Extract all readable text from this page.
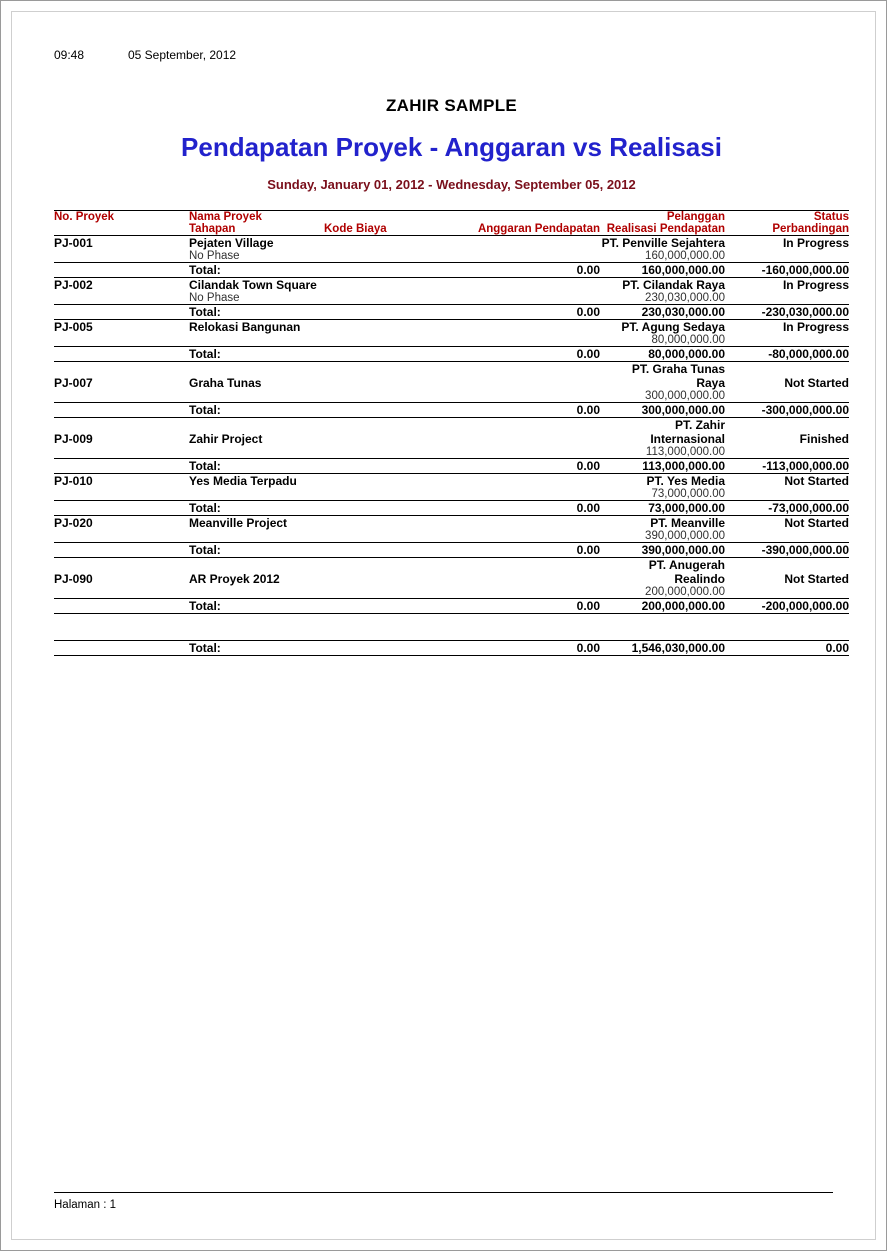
09:48	05 September, 2012
ZAHIR SAMPLE
Pendapatan Proyek - Anggaran vs Realisasi
Sunday, January 01, 2012 - Wednesday, September 05, 2012
No. Proyek	Nama Proyek			Pelanggan	Status
	Tahapan	Kode Biaya	Anggaran Pendapatan	Realisasi Pendapatan	Perbandingan
PJ-001	Pejaten Village			PT. Penville Sejahtera	In Progress
	No Phase			160,000,000.00	
	Total:		0.00	160,000,000.00	-160,000,000.00
PJ-002	Cilandak Town Square			PT. Cilandak Raya	In Progress
	No Phase			230,030,000.00	
	Total:		0.00	230,030,000.00	-230,030,000.00
PJ-005	Relokasi Bangunan			PT. Agung Sedaya	In Progress
				80,000,000.00	
	Total:		0.00	80,000,000.00	-80,000,000.00
PJ-007	Graha Tunas			PT. Graha Tunas Raya	Not Started
				300,000,000.00	
	Total:		0.00	300,000,000.00	-300,000,000.00
PJ-009	Zahir Project			PT. Zahir Internasional	Finished
				113,000,000.00	
	Total:		0.00	113,000,000.00	-113,000,000.00
PJ-010	Yes Media Terpadu			PT. Yes Media	Not Started
				73,000,000.00	
	Total:		0.00	73,000,000.00	-73,000,000.00
PJ-020	Meanville Project			PT. Meanville	Not Started
				390,000,000.00	
	Total:		0.00	390,000,000.00	-390,000,000.00
PJ-090	AR Proyek 2012			PT. Anugerah Realindo	Not Started
				200,000,000.00	
	Total:		0.00	200,000,000.00	-200,000,000.00

	Total:		0.00	1,546,030,000.00	0.00
Halaman : 1
